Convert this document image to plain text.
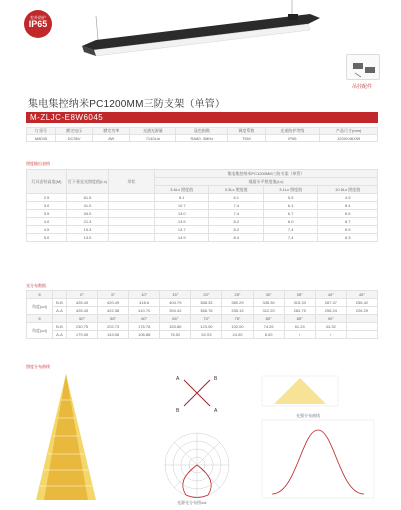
室外防护
IP65
吊挂配件
集电集控纳米PC1200MM三防支架（单管）
M-ZLJC-E8W6045
订货号	额定电压	额定功率	光通光源量	显色指数	调度系数	光束防护等级	产品尺寸(mm)
M8045	DC36V	8W	7140Lm	RA80, 3MHz	TDM	IP65	1200X46X59
照度输出表格
灯具安装高度(M)	灯下垂直光照度值(Lx)	形状	集电集控纳米PC1200MM三防支架（单管）			
			地面水平照度值(Lx)			
			3.6Lx 照度值	3.3Lx 照度值	3.1Lx 照度值	10.5Lx 照度值
2.5	61.5		8.1	6.1	5.5	4.9
3.0	41.0		10.7	7.4	6.1	6.4
3.5	34.0		13.0	7.4	6.7	6.5
4.0	21.3		13.5	8.2	6.0	6.7
4.5	15.3		13.7	8.2	7.4	6.9
5.0	13.0		14.9	8.4	7.4	6.3
光分布数据
θ		0°	5°	10°	15°	20°	25°	30°	35°	40°	45°
角度(cd)	B-B	428.43	420.49	418.6	404.79	388.33	380.29	345.30	315.33	287.47	256.42
	A-A	428.43	422.38	410.70	394.42	368.76	335.15	312.20	283.75	255.24	226.29
θ		50°	55°	60°	65°	70°	75°	80°	85°	90°	
角度(cd)	B-B	230.75	202.73	176.78	153.86	123.00	102.00	74.26	61.24	44.32	
	A-A	179.05	143.06	106.88	76.52	52.03	24.00	6.00	/	/	
照度分布曲线
A	B
B	A
光源光分布图/cd
光强分布曲线
